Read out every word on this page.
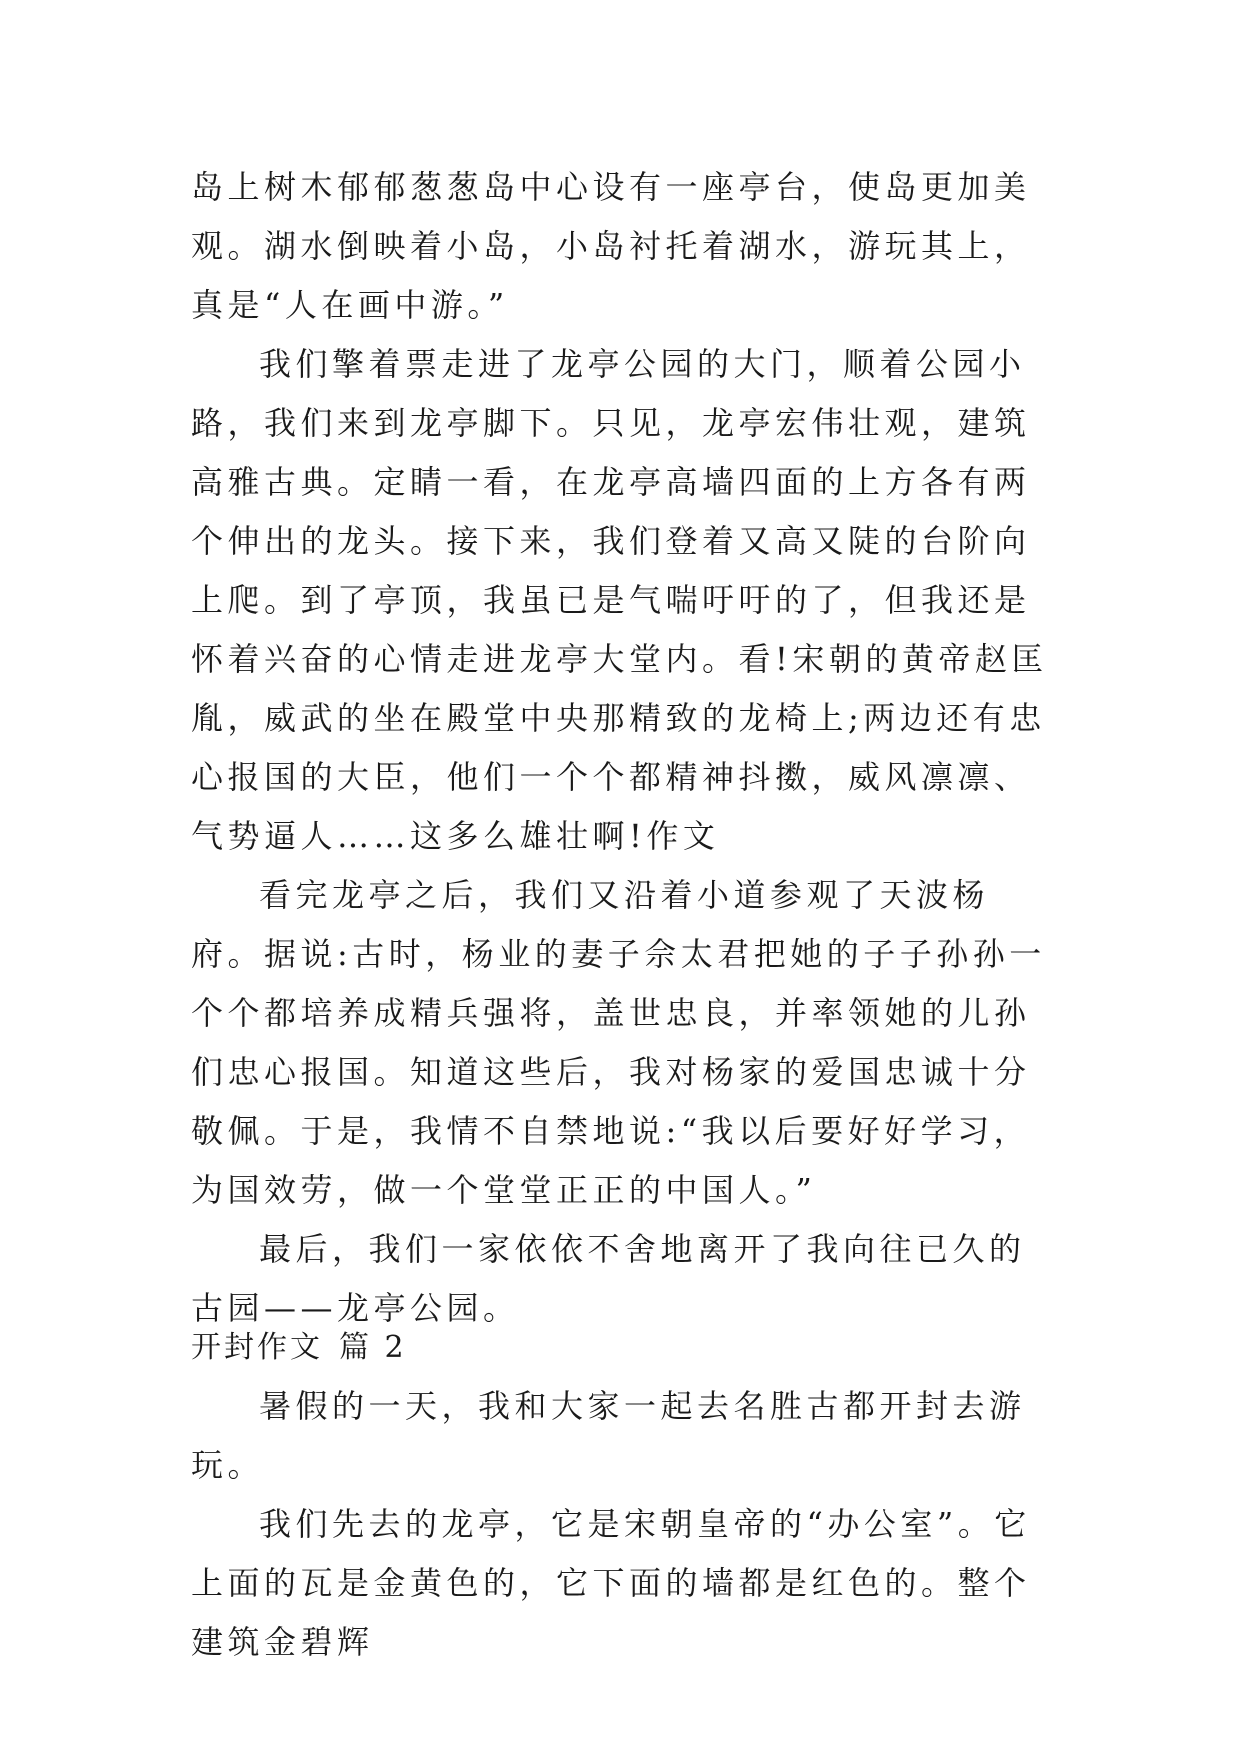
岛上树木郁郁葱葱岛中心设有一座亭台，使岛更加美观。湖水倒映着小岛，小岛衬托着湖水，游玩其上，真是“人在画中游。”

我们擎着票走进了龙亭公园的大门，顺着公园小路，我们来到龙亭脚下。只见，龙亭宏伟壮观，建筑高雅古典。定睛一看，在龙亭高墙四面的上方各有两个伸出的龙头。接下来，我们登着又高又陡的台阶向上爬。到了亭顶，我虽已是气喘吁吁的了，但我还是怀着兴奋的心情走进龙亭大堂内。看!宋朝的黄帝赵匡胤，威武的坐在殿堂中央那精致的龙椅上;两边还有忠心报国的大臣，他们一个个都精神抖擞，威风凛凛、气势逼人……这多么雄壮啊!作文

看完龙亭之后，我们又沿着小道参观了天波杨府。据说:古时，杨业的妻子佘太君把她的子子孙孙一个个都培养成精兵强将，盖世忠良，并率领她的儿孙们忠心报国。知道这些后，我对杨家的爱国忠诚十分敬佩。于是，我情不自禁地说:“我以后要好好学习，为国效劳，做一个堂堂正正的中国人。”

最后，我们一家依依不舍地离开了我向往已久的古园——龙亭公园。

开封作文 篇 2

暑假的一天，我和大家一起去名胜古都开封去游玩。

我们先去的龙亭，它是宋朝皇帝的“办公室”。它上面的瓦是金黄色的，它下面的墙都是红色的。整个建筑金碧辉
